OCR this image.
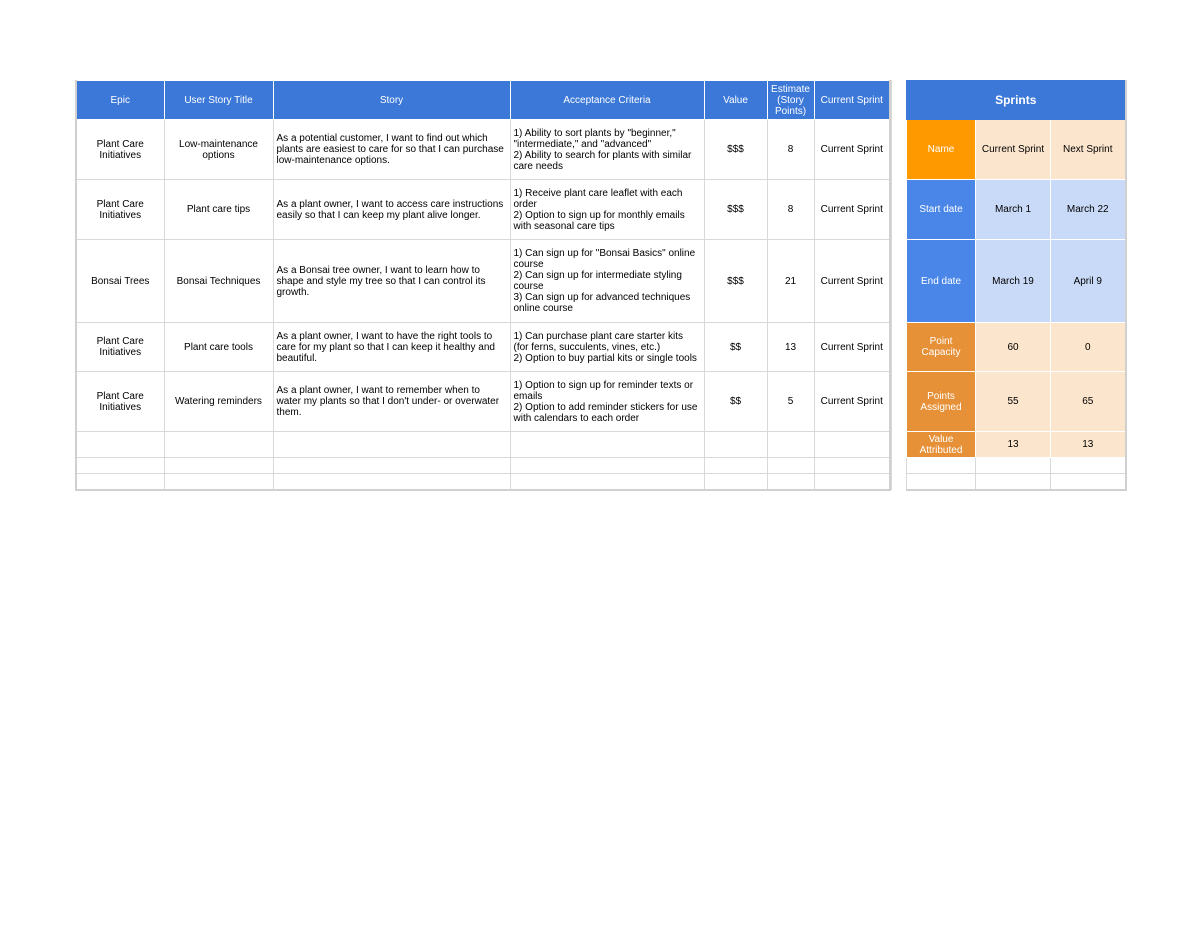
Epic	User Story Title	Story	Acceptance Criteria	Value	Estimate (Story Points)	Current Sprint
Plant Care Initiatives	Low-maintenance options	As a potential customer, I want to find out which plants are easiest to care for so that I can purchase low-maintenance options.	1) Ability to sort plants by "beginner," "intermediate," and "advanced"
2) Ability to search for plants with similar care needs	$$$	8	Current Sprint
Plant Care Initiatives	Plant care tips	As a plant owner, I want to access care instructions easily so that I can keep my plant alive longer.	1) Receive plant care leaflet with each order
2) Option to sign up for monthly emails with seasonal care tips	$$$	8	Current Sprint
Bonsai Trees	Bonsai Techniques	As a Bonsai tree owner, I want to learn how to shape and style my tree so that I can control its growth.	1) Can sign up for "Bonsai Basics" online course
2) Can sign up for intermediate styling course
3) Can sign up for advanced techniques online course	$$$	21	Current Sprint
Plant Care Initiatives	Plant care tools	As a plant owner, I want to have the right tools to care for my plant so that I can keep it healthy and beautiful.	1) Can purchase plant care starter kits (for ferns, succulents, vines, etc.)
2) Option to buy partial kits or single tools	$$	13	Current Sprint
Plant Care Initiatives	Watering reminders	As a plant owner, I want to remember when to water my plants so that I don't under- or overwater them.	1) Option to sign up for reminder texts or emails
2) Option to add reminder stickers for use with calendars to each order	$$	5	Current Sprint

Sprints		
Name	Current Sprint	Next Sprint
Start date	March 1	March 22
End date	March 19	April 9
Point Capacity	60	0
Points Assigned	55	65
Value Attributed	13	13
